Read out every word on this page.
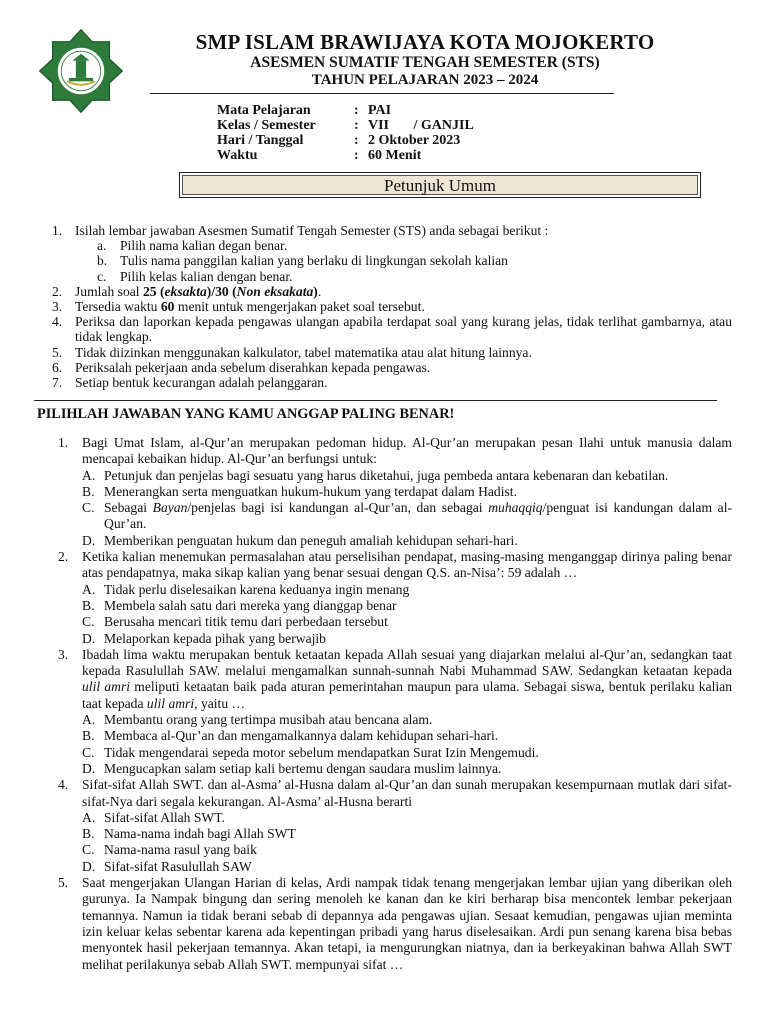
SMP ISLAM BRAWIJAYA KOTA MOJOKERTO
ASESMEN SUMATIF TENGAH SEMESTER (STS)
TAHUN PELAJARAN 2023 – 2024
Mata Pelajaran	: PAI
Kelas / Semester	: VII       / GANJIL
Hari / Tanggal	: 2 Oktober 2023
Waktu	: 60 Menit
Petunjuk Umum
1. Isilah lembar jawaban Asesmen Sumatif Tengah Semester (STS) anda sebagai berikut :
a. Pilih nama kalian degan benar.
b. Tulis nama panggilan kalian yang berlaku di lingkungan sekolah kalian
c. Pilih kelas kalian dengan benar.
2. Jumlah soal 25 (eksakta)/30 (Non eksakata).
3. Tersedia waktu 60 menit untuk mengerjakan paket soal tersebut.
4. Periksa dan laporkan kepada pengawas ulangan apabila terdapat soal yang kurang jelas, tidak terlihat gambarnya, atau tidak lengkap.
5. Tidak diizinkan menggunakan kalkulator, tabel matematika atau alat hitung lainnya.
6. Periksalah pekerjaan anda sebelum diserahkan kepada pengawas.
7. Setiap bentuk kecurangan adalah pelanggaran.
PILIHLAH JAWABAN YANG KAMU ANGGAP PALING BENAR!
1.	Bagi Umat Islam, al-Qur’an merupakan pedoman hidup. Al-Qur’an merupakan pesan Ilahi untuk manusia dalam mencapai kebaikan hidup. Al-Qur’an berfungsi untuk:
A. Petunjuk dan penjelas bagi sesuatu yang harus diketahui, juga pembeda antara kebenaran dan kebatilan.
B. Menerangkan serta menguatkan hukum-hukum yang terdapat dalam Hadist.
C. Sebagai Bayan/penjelas bagi isi kandungan al-Qur’an, dan sebagai muhaqqiq/penguat isi kandungan dalam al-Qur’an.
D. Memberikan penguatan hukum dan peneguh amaliah kehidupan sehari-hari.
2.	Ketika kalian menemukan permasalahan atau perselisihan pendapat, masing-masing menganggap dirinya paling benar atas pendapatnya, maka sikap kalian yang benar sesuai dengan Q.S. an-Nisa’: 59 adalah …
A. Tidak perlu diselesaikan karena keduanya ingin menang
B. Membela salah satu dari mereka yang dianggap benar
C. Berusaha mencari titik temu dari perbedaan tersebut
D. Melaporkan kepada pihak yang berwajib
3.	Ibadah lima waktu merupakan bentuk ketaatan kepada Allah sesuai yang diajarkan melalui al-Qur’an, sedangkan taat kepada Rasulullah SAW. melalui mengamalkan sunnah-sunnah Nabi Muhammad SAW. Sedangkan ketaatan kepada ulil amri meliputi ketaatan baik pada aturan pemerintahan maupun para ulama. Sebagai siswa, bentuk perilaku kalian taat kepada ulil amri, yaitu …
A. Membantu orang yang tertimpa musibah atau bencana alam.
B. Membaca al-Qur’an dan mengamalkannya dalam kehidupan sehari-hari.
C. Tidak mengendarai sepeda motor sebelum mendapatkan Surat Izin Mengemudi.
D. Mengucapkan salam setiap kali bertemu dengan saudara muslim lainnya.
4.	Sifat-sifat Allah SWT. dan al-Asma’ al-Husna dalam al-Qur’an dan sunah merupakan kesempurnaan mutlak dari sifat-sifat-Nya dari segala kekurangan. Al-Asma’ al-Husna berarti
A. Sifat-sifat Allah SWT.
B. Nama-nama indah bagi Allah SWT
C. Nama-nama rasul yang baik
D. Sifat-sifat Rasulullah SAW
5.	Saat mengerjakan Ulangan Harian di kelas, Ardi nampak tidak tenang mengerjakan lembar ujian yang diberikan oleh gurunya. Ia Nampak bingung dan sering menoleh ke kanan dan ke kiri berharap bisa mencontek lembar pekerjaan temannya. Namun ia tidak berani sebab di depannya ada pengawas ujian. Sesaat kemudian, pengawas ujian meminta izin keluar kelas sebentar karena ada kepentingan pribadi yang harus diselesaikan. Ardi pun senang karena bisa bebas menyontek hasil pekerjaan temannya. Akan tetapi, ia mengurungkan niatnya, dan ia berkeyakinan bahwa Allah SWT melihat perilakunya sebab Allah SWT. mempunyai sifat …
